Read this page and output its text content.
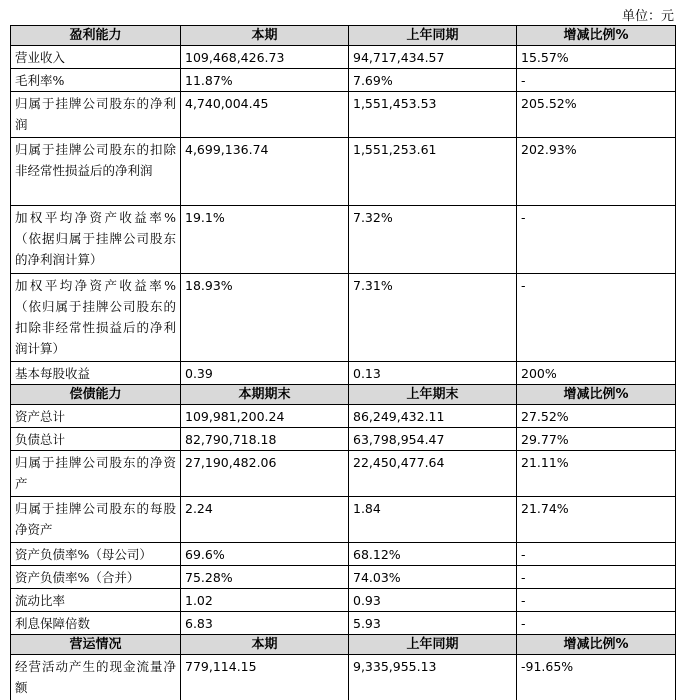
单位：元
盈利能力	本期	上年同期	增减比例%
营业收入	109,468,426.73	94,717,434.57	15.57%
毛利率%	11.87%	7.69%	-
归属于挂牌公司股东的净利润	4,740,004.45	1,551,453.53	205.52%
归属于挂牌公司股东的扣除非经常性损益后的净利润	4,699,136.74	1,551,253.61	202.93%
加权平均净资产收益率%（依据归属于挂牌公司股东的净利润计算）	19.1%	7.32%	-
加权平均净资产收益率%（依归属于挂牌公司股东的扣除非经常性损益后的净利润计算）	18.93%	7.31%	-
基本每股收益	0.39	0.13	200%
偿债能力	本期期末	上年期末	增减比例%
资产总计	109,981,200.24	86,249,432.11	27.52%
负债总计	82,790,718.18	63,798,954.47	29.77%
归属于挂牌公司股东的净资产	27,190,482.06	22,450,477.64	21.11%
归属于挂牌公司股东的每股净资产	2.24	1.84	21.74%
资产负债率%（母公司）	69.6%	68.12%	-
资产负债率%（合并）	75.28%	74.03%	-
流动比率	1.02	0.93	-
利息保障倍数	6.83	5.93	-
营运情况	本期	上年同期	增减比例%
经营活动产生的现金流量净额	779,114.15	9,335,955.13	-91.65%
